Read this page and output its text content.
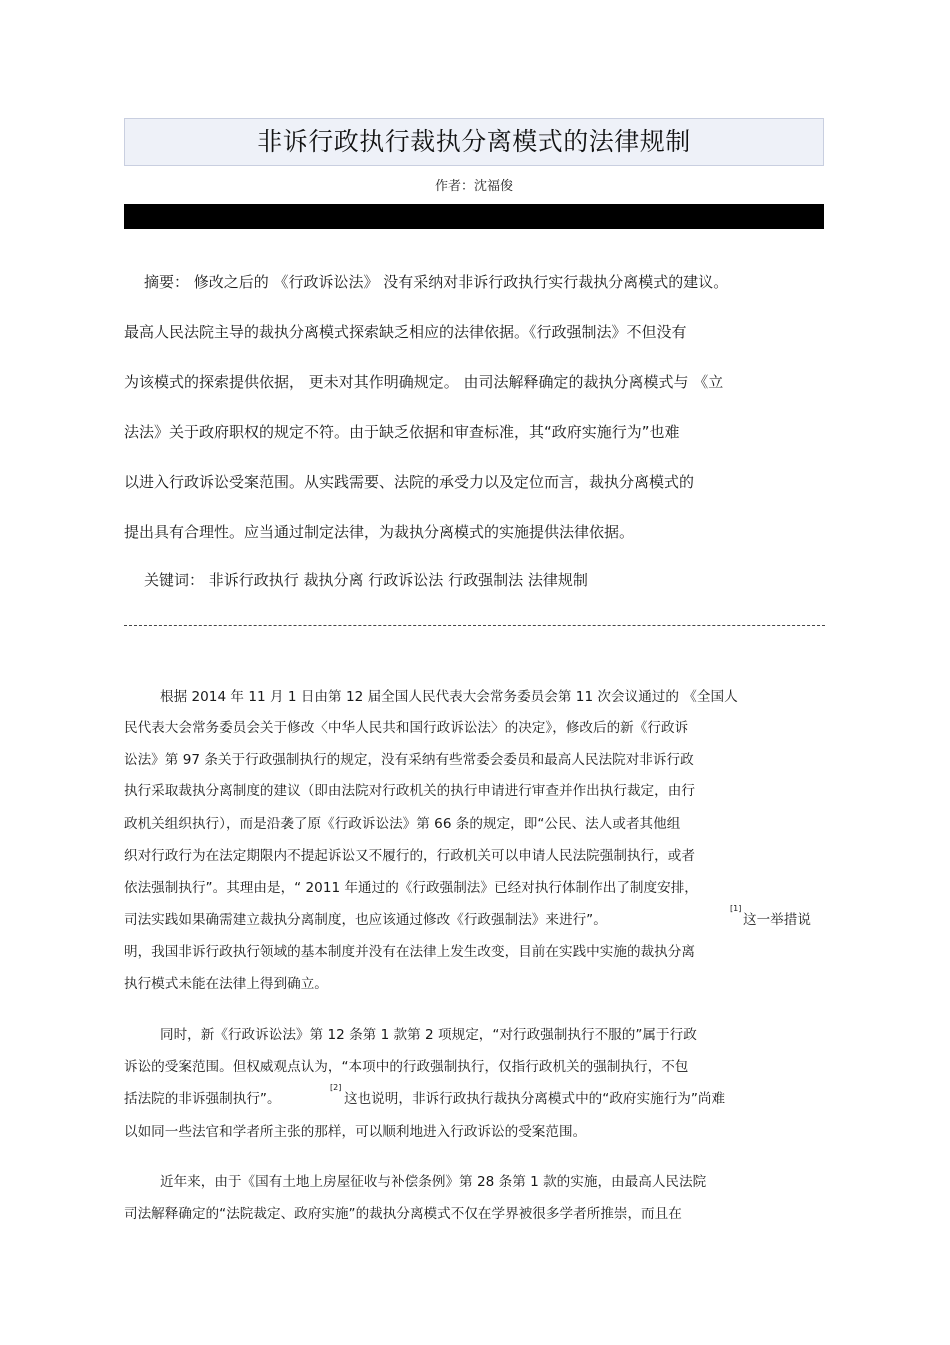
非诉行政执行裁执分离模式的法律规制
作者：沈福俊
摘要： 修改之后的 《行政诉讼法》 没有采纳对非诉行政执行实行裁执分离模式的建议。
最高人民法院主导的裁执分离模式探索缺乏相应的法律依据。《行政强制法》不但没有
为该模式的探索提供依据， 更未对其作明确规定。 由司法解释确定的裁执分离模式与 《立
法法》关于政府职权的规定不符。由于缺乏依据和审查标准，其“政府实施行为”也难
以进入行政诉讼受案范围。从实践需要、法院的承受力以及定位而言，裁执分离模式的
提出具有合理性。应当通过制定法律，为裁执分离模式的实施提供法律依据。
关键词： 非诉行政执行 裁执分离 行政诉讼法 行政强制法 法律规制
根据 2014 年 11 月 1 日由第 12 届全国人民代表大会常务委员会第 11 次会议通过的 《全国人
民代表大会常务委员会关于修改〈中华人民共和国行政诉讼法〉的决定》，修改后的新《行政诉
讼法》第 97 条关于行政强制执行的规定，没有采纳有些常委会委员和最高人民法院对非诉行政
执行采取裁执分离制度的建议（即由法院对行政机关的执行申请进行审查并作出执行裁定，由行
政机关组织执行），而是沿袭了原《行政诉讼法》第 66 条的规定，即“公民、法人或者其他组
织对行政行为在法定期限内不提起诉讼又不履行的，行政机关可以申请人民法院强制执行，或者
依法强制执行”。其理由是，“ 2011 年通过的《行政强制法》已经对执行体制作出了制度安排，
司法实践如果确需建立裁执分离制度，也应该通过修改《行政强制法》来进行”。
[1]
这一举措说
明，我国非诉行政执行领域的基本制度并没有在法律上发生改变，目前在实践中实施的裁执分离
执行模式未能在法律上得到确立。
同时，新《行政诉讼法》第 12 条第 1 款第 2 项规定，“对行政强制执行不服的”属于行政
诉讼的受案范围。但权威观点认为，“本项中的行政强制执行，仅指行政机关的强制执行，不包
括法院的非诉强制执行”。
[2]
这也说明，非诉行政执行裁执分离模式中的“政府实施行为”尚难
以如同一些法官和学者所主张的那样，可以顺利地进入行政诉讼的受案范围。
近年来，由于《国有土地上房屋征收与补偿条例》第 28 条第 1 款的实施，由最高人民法院
司法解释确定的“法院裁定、政府实施”的裁执分离模式不仅在学界被很多学者所推崇，而且在
